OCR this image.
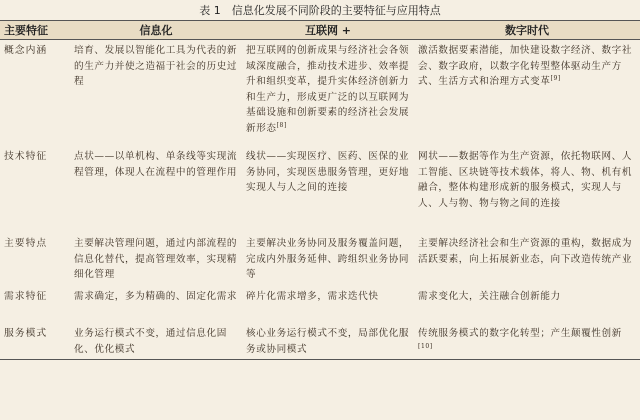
表 1　信息化发展不同阶段的主要特征与应用特点
主要特征	信息化	互联网 +	数字时代
概念内涵	培育、发展以智能化工具为代表的新的生产力并使之造福于社会的历史过程	把互联网的创新成果与经济社会各领域深度融合，推动技术进步、效率提升和组织变革，提升实体经济创新力和生产力，形成更广泛的以互联网为基础设施和创新要素的经济社会发展新形态[8]	激活数据要素潜能，加快建设数字经济、数字社会、数字政府，以数字化转型整体驱动生产方式、生活方式和治理方式变革[9]
技术特征	点状——以单机构、单条线等实现流程管理，体现人在流程中的管理作用	线状——实现医疗、医药、医保的业务协同，实现医患服务管理，更好地实现人与人之间的连接	网状——数据等作为生产资源，依托物联网、人工智能、区块链等技术载体，将人、物、机有机融合，整体构建形成新的服务模式，实现人与人、人与物、物与物之间的连接
主要特点	主要解决管理问题，通过内部流程的信息化替代，提高管理效率，实现精细化管理	主要解决业务协同及服务覆盖问题，完成内外服务延伸、跨组织业务协同等	主要解决经济社会和生产资源的重构，数据成为活跃要素，向上拓展新业态，向下改造传统产业
需求特征	需求确定，多为精确的、固定化需求	碎片化需求增多，需求迭代快	需求变化大，关注融合创新能力
服务模式	业务运行模式不变，通过信息化固化、优化模式	核心业务运行模式不变，局部优化服务或协同模式	传统服务模式的数字化转型；产生颠覆性创新[10]
